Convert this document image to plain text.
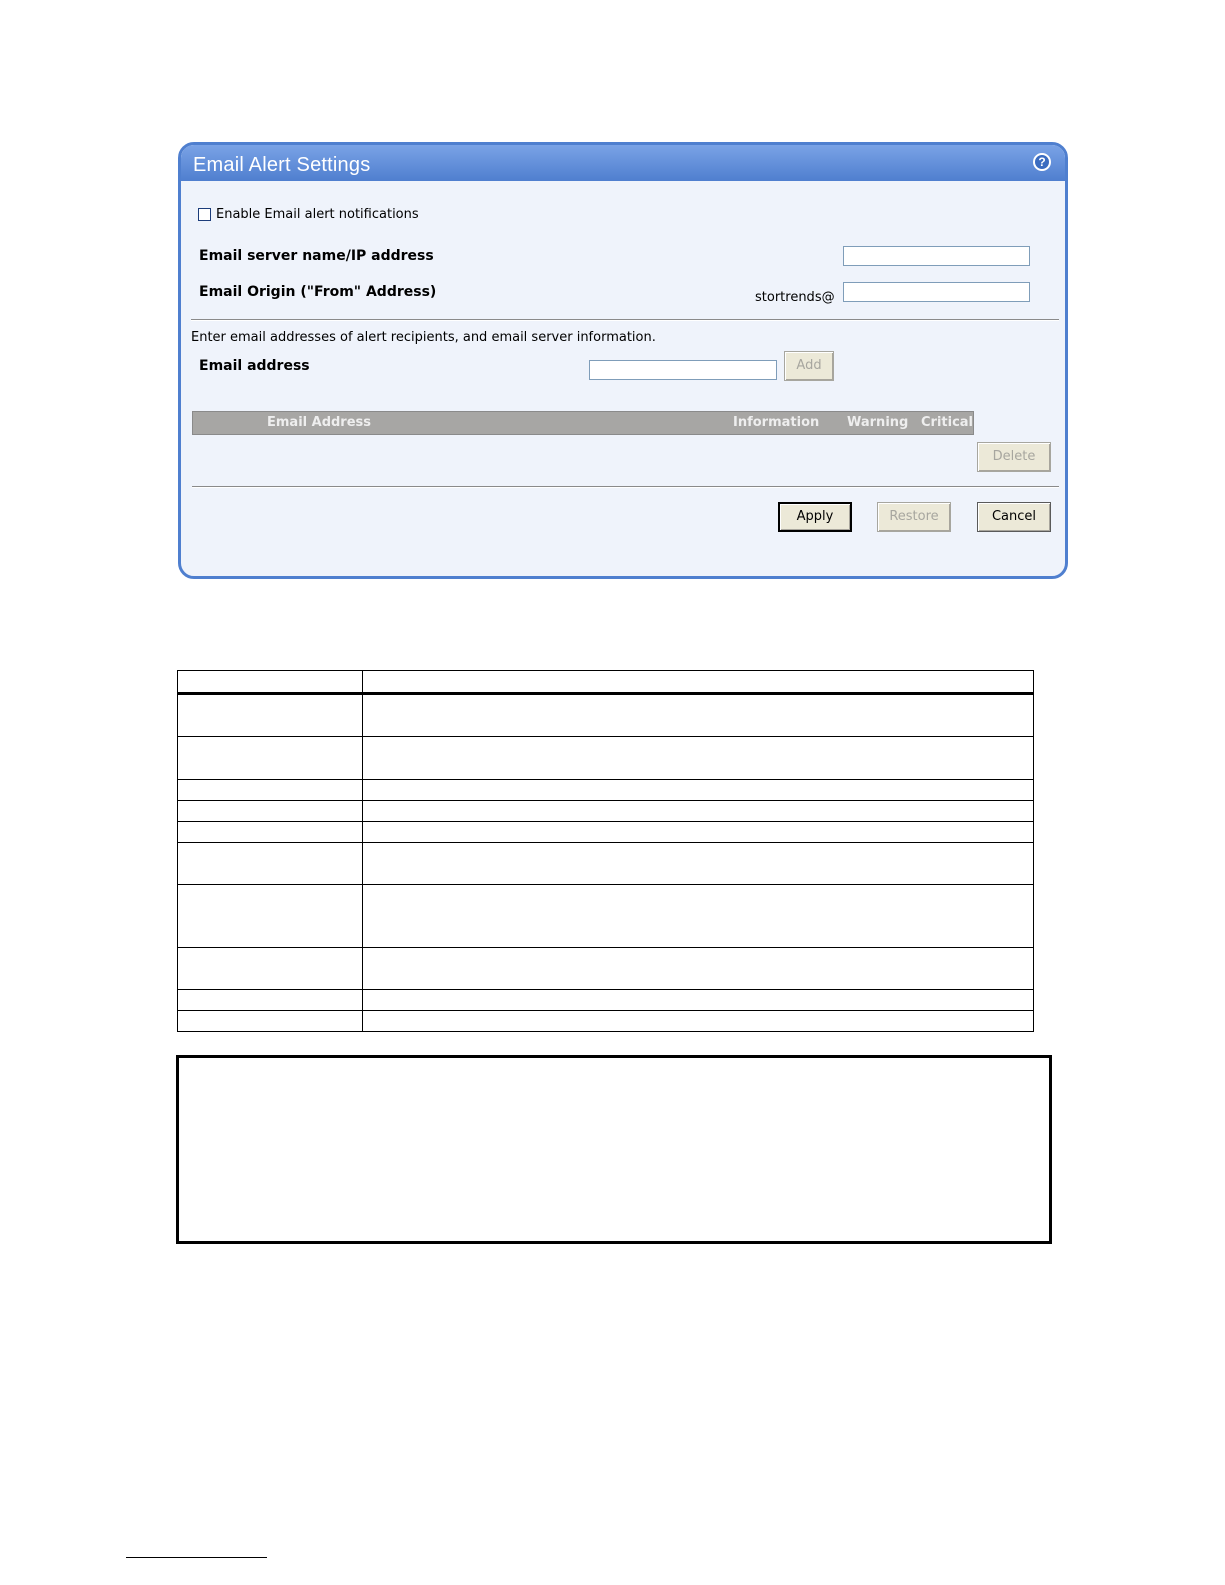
Email Alert Settings	?
Enable Email alert notifications
Email server name/IP address
Email Origin ("From" Address)	stortrends@
Enter email addresses of alert recipients, and email server information.
Email address	Add
Email Address	Information Warning Critical
Delete
Apply	Restore	Cancel
